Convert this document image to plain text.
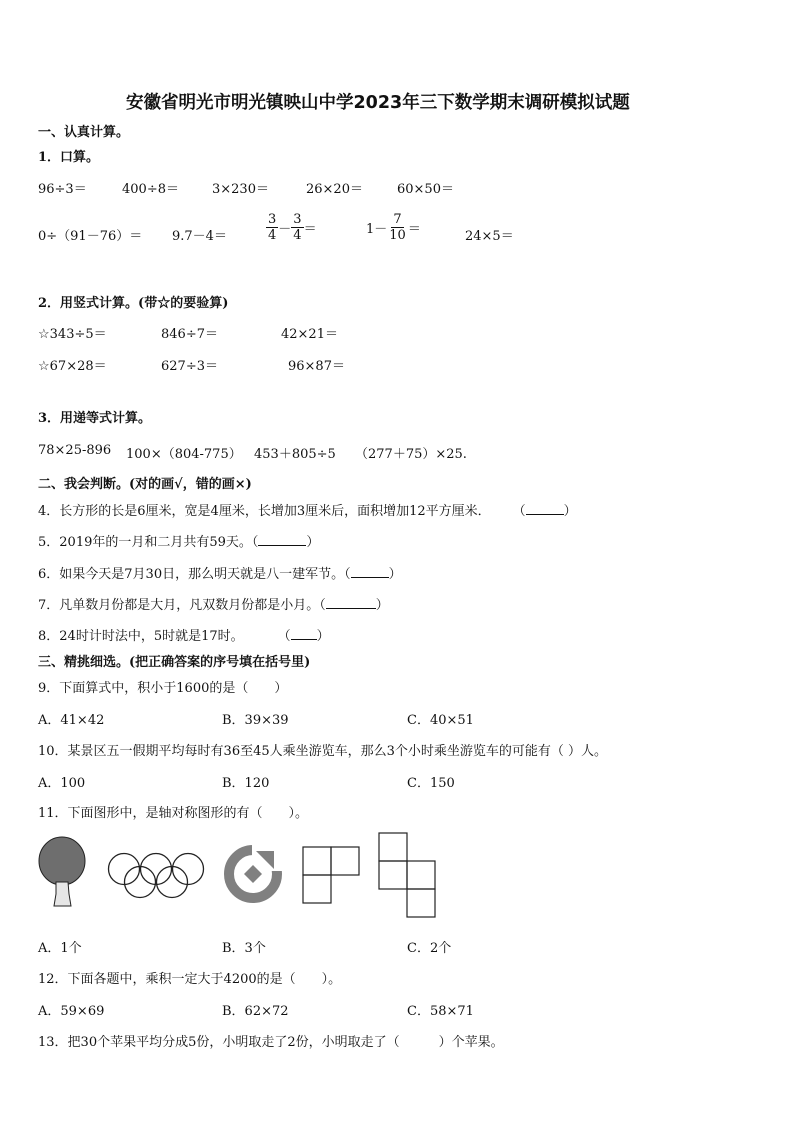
安徽省明光市明光镇映山中学2023年三下数学期末调研模拟试题
一、认真计算。
1．口算。
96÷3＝	400÷8＝	3×230＝	26×20＝	60×50＝
0÷（91－76）＝ 9.7－4＝	$\frac{3}{4} - \frac{3}{4}$ ＝	$1- \frac{7}{10}$ ＝	24×5＝
2．用竖式计算。(带☆的要验算)
☆343÷5＝	846÷7＝	42×21＝
☆67×28＝	627÷3＝	96×87＝
3．用递等式计算。
78×25-896 100×（804-775） 453＋805÷5 （277＋75）×25.
二、我会判断。(对的画√，错的画×)
4．长方形的长是6厘米，宽是4厘米，长增加3厘米后，面积增加12平方厘米． （	）
5．2019年的一月和二月共有59天。（	）
6．如果今天是7月30日，那么明天就是八一建军节。（	）
7．凡单数月份都是大月，凡双数月份都是小月。（	）
8．24时计时法中，5时就是17时。	（ ）
三、精挑细选。(把正确答案的序号填在括号里)
9．下面算式中，积小于1600的是（　　）
A．41×42	B．39×39	C．40×51
10．某景区五一假期平均每时有36至45人乘坐游览车，那么3个小时乘坐游览车的可能有（ ）人。
A．100	B．120	C．150
11．下面图形中，是轴对称图形的有（　　）。
A．1个	B．3个	C．2个
12．下面各题中，乘积一定大于4200的是（　　）。
A．59×69	B．62×72	C．58×71
13．把30个苹果平均分成5份，小明取走了2份，小明取走了（　　　）个苹果。
